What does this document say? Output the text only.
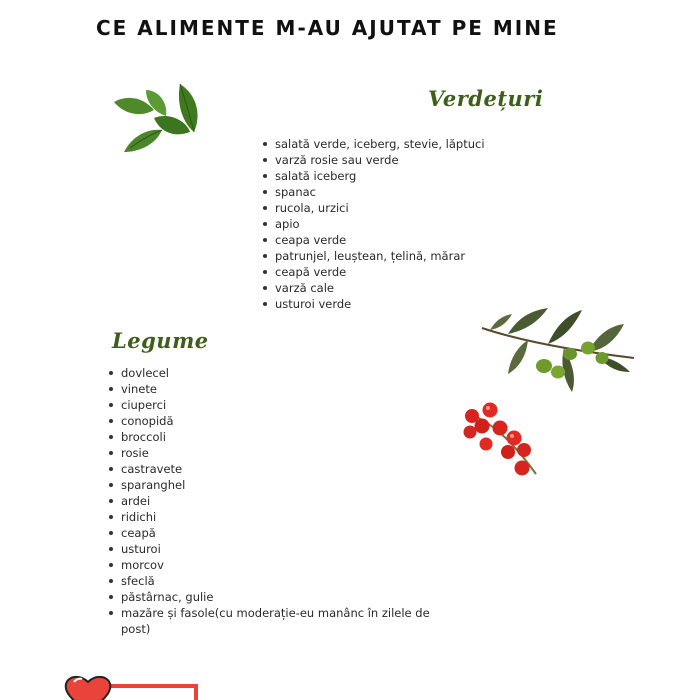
CE ALIMENTE M-AU AJUTAT PE MINE
Verdețuri
salată verde, iceberg, stevie, lăptuci
varză rosie sau verde
salată iceberg
spanac
rucola, urzici
apio
ceapa verde
patrunjel, leuștean, țelină, mărar
ceapă verde
varză cale
usturoi verde
Legume
dovlecel
vinete
ciuperci
conopidă
broccoli
rosie
castravete
sparanghel
ardei
ridichi
ceapă
usturoi
morcov
sfeclă
păstârnac, gulie
mazăre și fasole(cu moderație-eu manânc în zilele de post)
